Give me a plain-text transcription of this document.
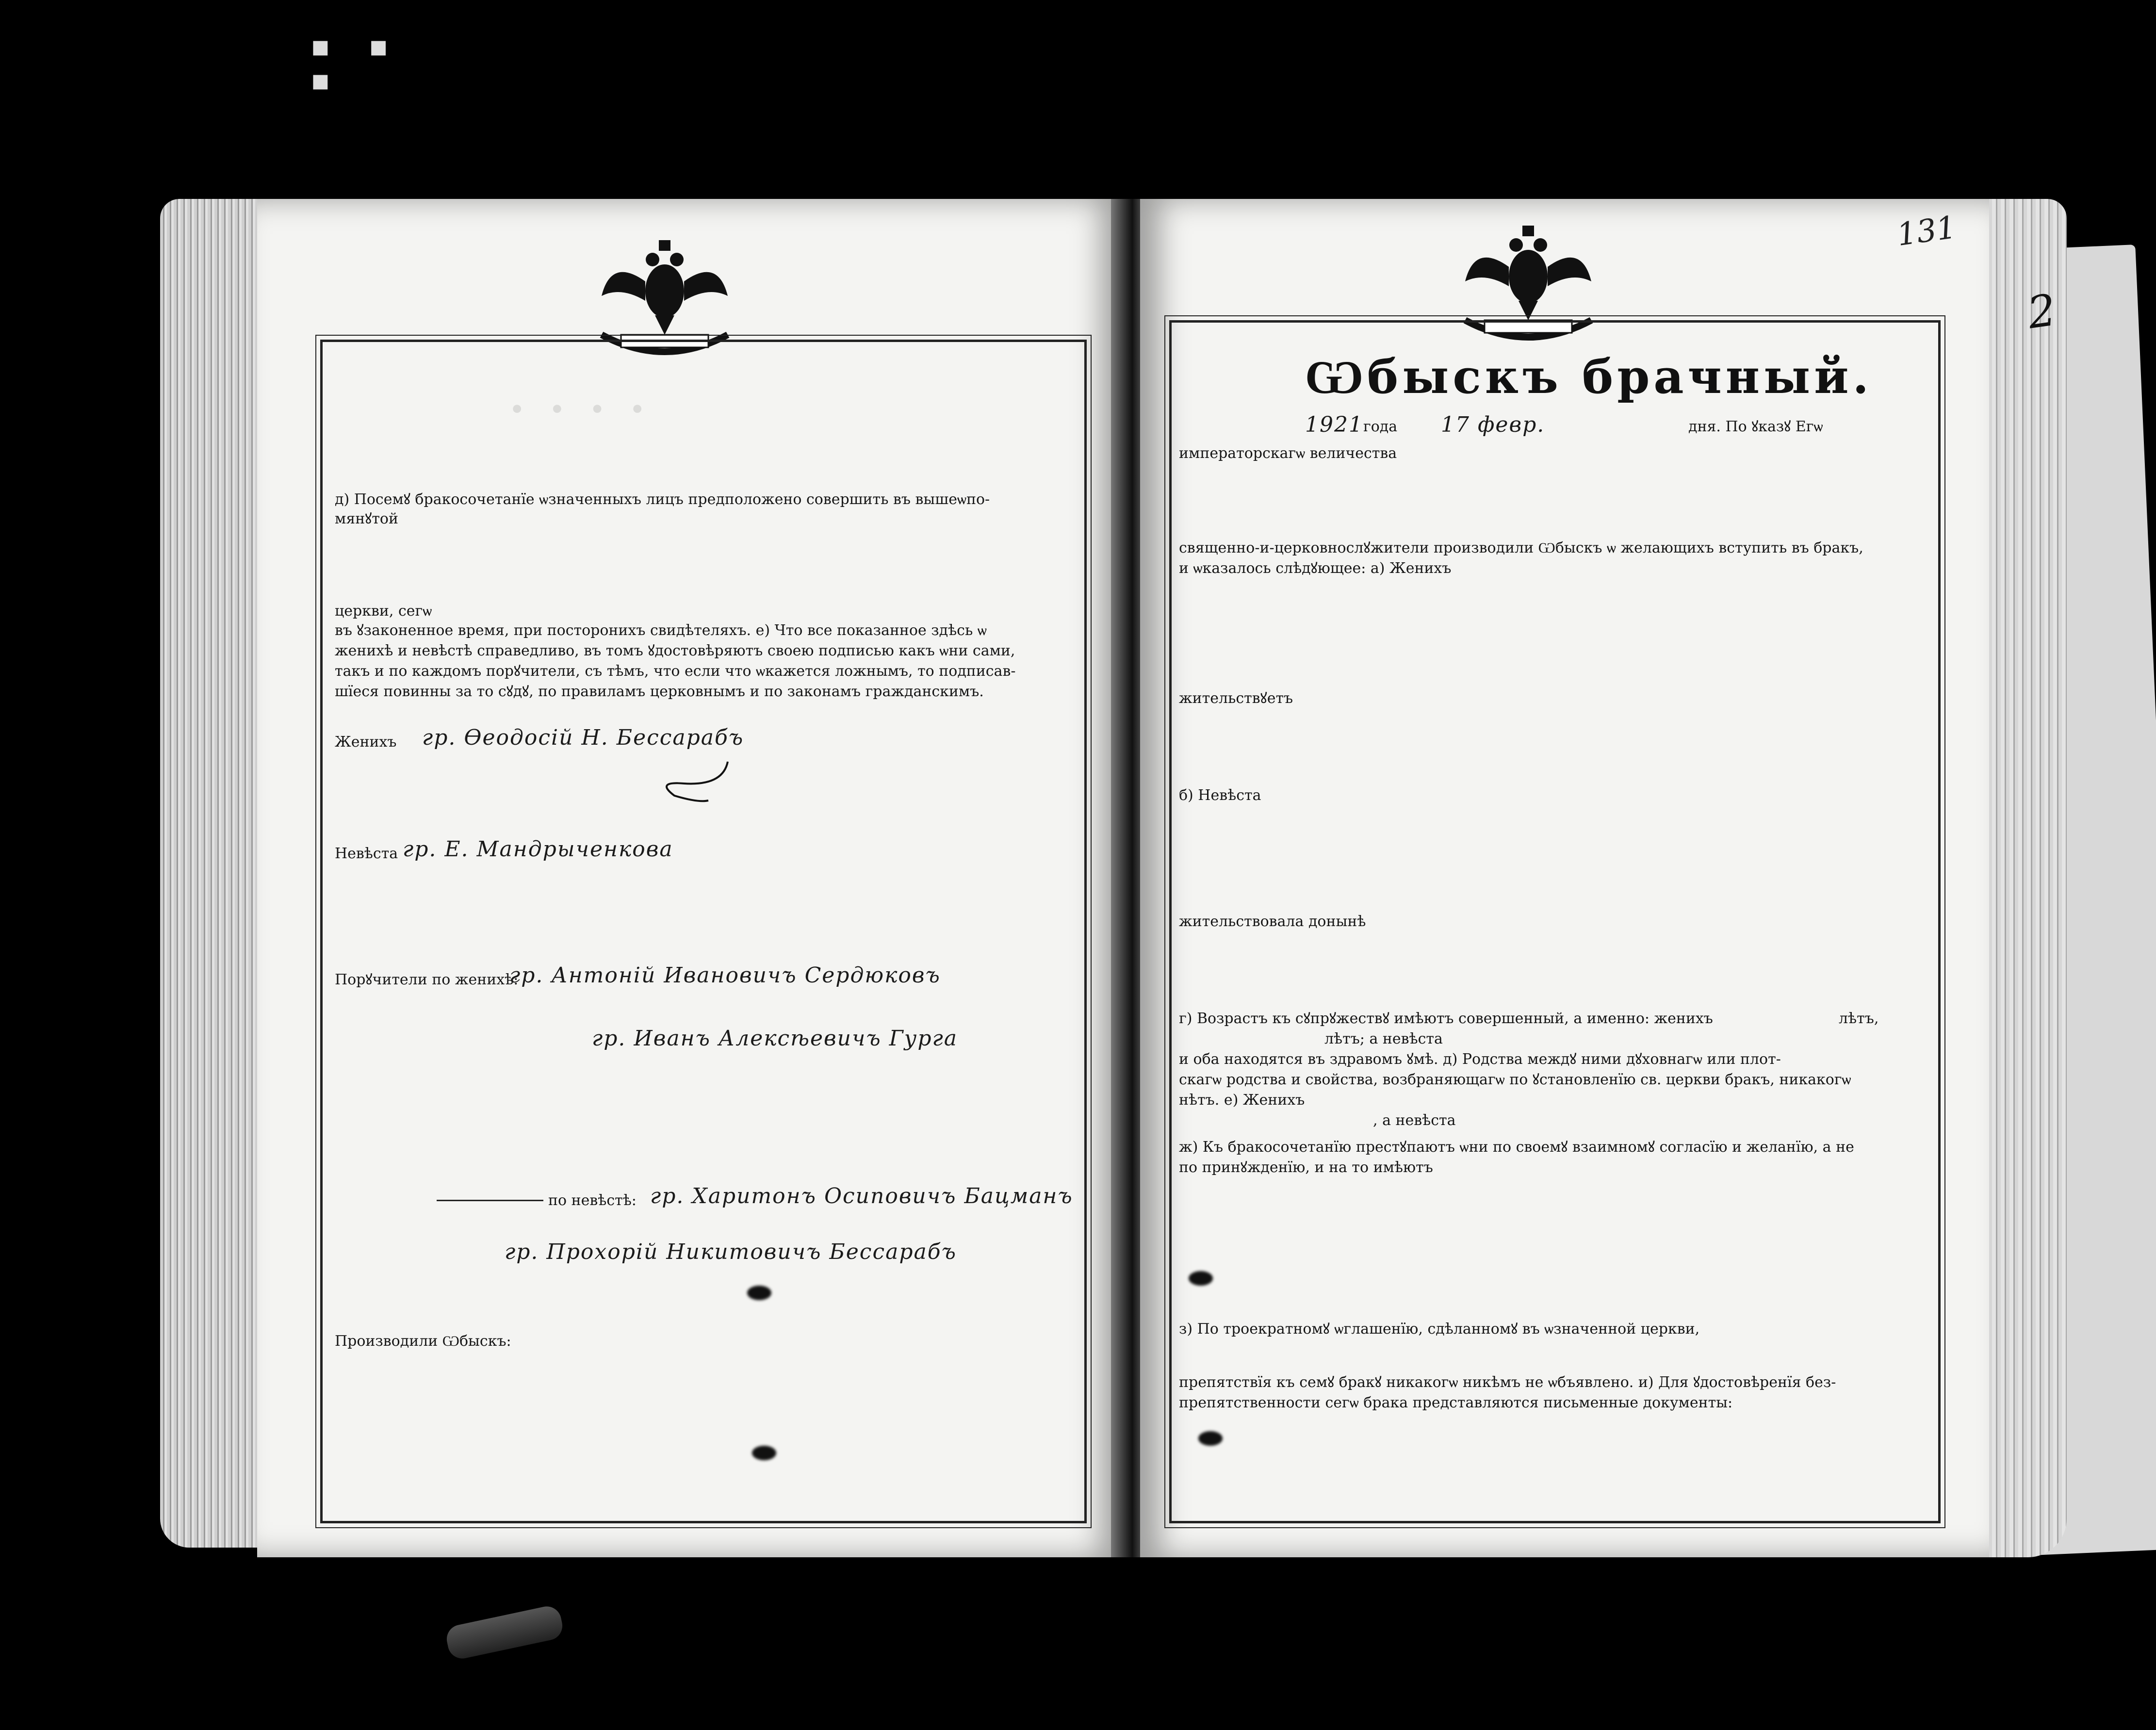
▪ ▪ ▪
· · · ·
д) Посемꙋ бракосочетанїе ѡзначенныхъ лицъ предположено совершить въ вышеѡпо-
мянꙋтой
церкви, сегѡ
въ ꙋзаконенное время, при посторонихъ свидѣтеляхъ. е) Что все показанное здѣсь ѡ
женихѣ и невѣстѣ справедливо, въ томъ ꙋдостовѣряютъ своею подписью какъ ѡни сами,
такъ и по каждомъ порꙋчители, съ тѣмъ, что если что ѡкажется ложнымъ, то подписав-
шїеся повинны за то сꙋдꙋ, по правиламъ церковнымъ и по законамъ гражданскимъ.
Женихъ гр. Ѳеодосій Н. Бессарабъ
Невѣста гр. Е. Мандрыченкова
Порꙋчители по женихѣ:
гр. Антоній Ивановичъ Сердюковъ
гр. Иванъ Алексѣевичъ Гурга
по невѣстѣ: гр. Харитонъ Осиповичъ Бацманъ
гр. Прохорій Никитовичъ Бессарабъ
Производили Ѡбыскъ:
131
Ѡбыскъ брачный.
1921 года 17 февр.	дня. По ꙋказꙋ Егѡ
императорскагѡ величества
священно-и-церковнослꙋжители производили Ѡбыскъ ѡ желающихъ вступить въ бракъ,
и ѡказалось слѣдꙋющее: а) Женихъ
жительствꙋетъ
б) Невѣста
жительствовала донынѣ
г) Возрастъ къ сꙋпрꙋжествꙋ имѣютъ совершенный, а именно: женихъ	лѣтъ,
лѣтъ; а невѣста
и оба находятся въ здравомъ ꙋмѣ. д) Родства междꙋ ними дꙋховнагѡ или плот-
скагѡ родства и свойства, возбраняющагѡ по ꙋстановленїю св. церкви бракъ, никакогѡ
нѣтъ. е) Женихъ
, а невѣста
ж) Къ бракосочетанїю престꙋпаютъ ѡни по своемꙋ взаимномꙋ согласїю и желанїю, а не
по принꙋжденїю, и на то имѣютъ
з) По троекратномꙋ ѡглашенїю, сдѣланномꙋ въ ѡзначенной церкви,
препятствїя къ семꙋ бракꙋ никакогѡ никѣмъ не ѡбъявлено. и) Для ꙋдостовѣренїя без-
препятственности сегѡ брака представляются письменные документы:
2
